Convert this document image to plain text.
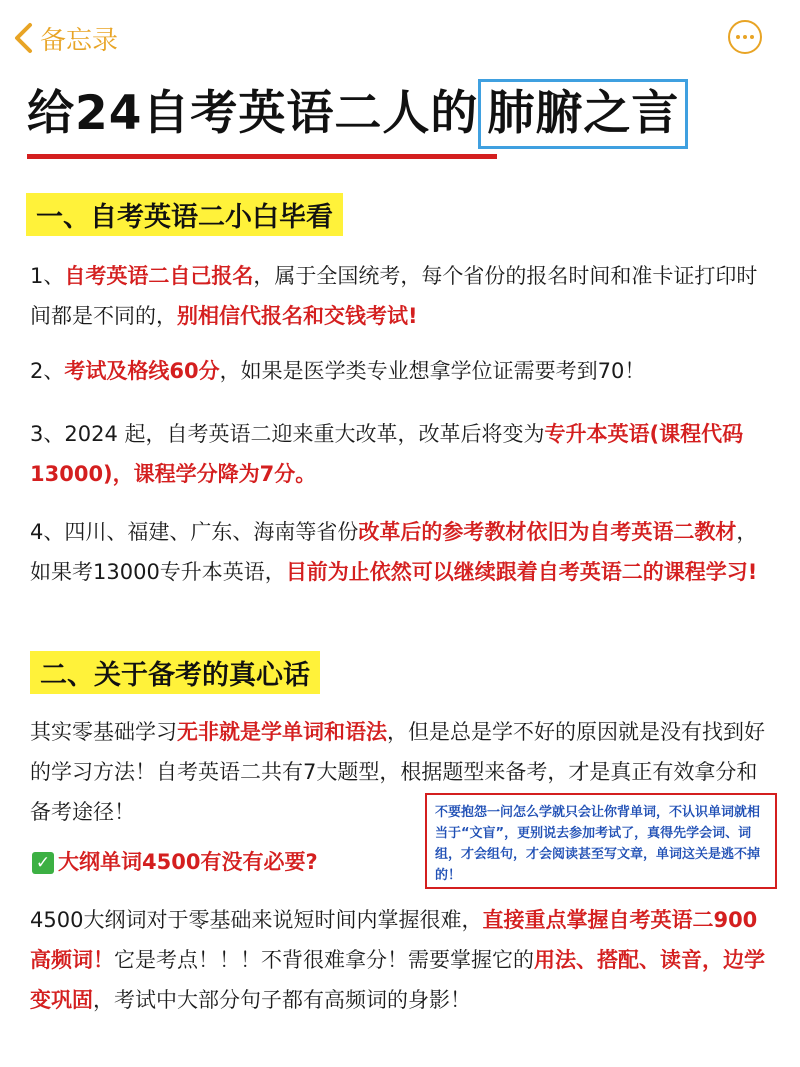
备忘录
给24自考英语二人的 肺腑之言
一、自考英语二小白毕看
1、自考英语二自己报名，属于全国统考，每个省份的报名时间和准卡证打印时间都是不同的，别相信代报名和交钱考试!
2、考试及格线60分，如果是医学类专业想拿学位证需要考到70！
3、2024 起，自考英语二迎来重大改革，改革后将变为专升本英语(课程代码 13000)，课程学分降为7分。
4、四川、福建、广东、海南等省份改革后的参考教材依旧为自考英语二教材，如果考13000专升本英语，目前为止依然可以继续跟着自考英语二的课程学习!
二、关于备考的真心话
其实零基础学习无非就是学单词和语法，但是总是学不好的原因就是没有找到好的学习方法！自考英语二共有7大题型，根据题型来备考，才是真正有效拿分和备考途径！	不要抱怨一问怎么学就只会让你背单词，不认识单词就相当于“文盲”，更别说去参加考试了，真得先学会词、词组，才会组句，才会阅读甚至写文章，单词这关是逃不掉的！
✓ 大纲单词4500有没有必要?
4500大纲词对于零基础来说短时间内掌握很难，直接重点掌握自考英语二900高频词！它是考点！！！不背很难拿分！需要掌握它的用法、搭配、读音，边学变巩固，考试中大部分句子都有高频词的身影！
